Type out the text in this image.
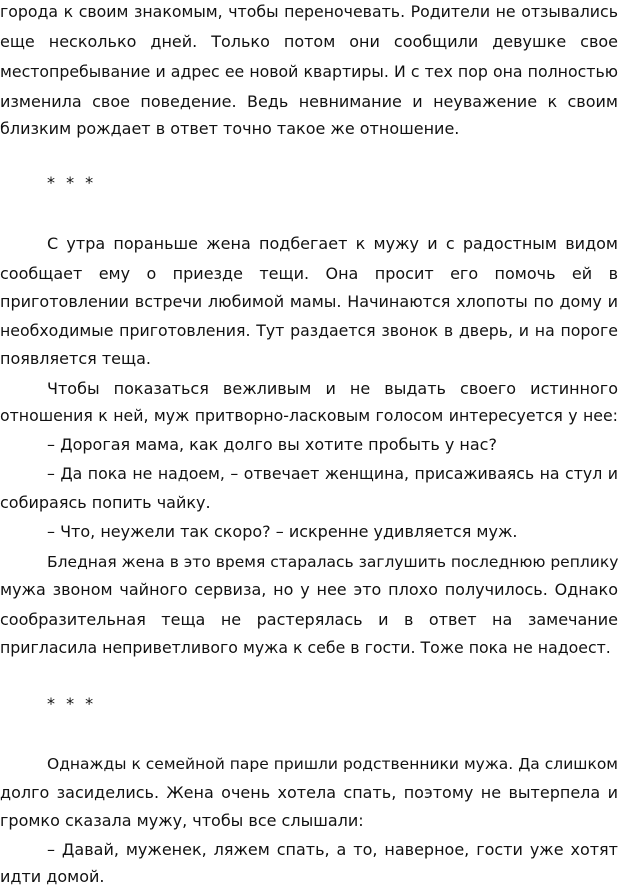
города к своим знакомым, чтобы переночевать. Родители не отзывались
еще несколько дней. Только потом они сообщили девушке свое
местопребывание и адрес ее новой квартиры. И с тех пор она полностью
изменила свое поведение. Ведь невнимание и неуважение к своим
близким рождает в ответ точно такое же отношение.
* * *
С утра пораньше жена подбегает к мужу и с радостным видом
сообщает ему о приезде тещи. Она просит его помочь ей в
приготовлении встречи любимой мамы. Начинаются хлопоты по дому и
необходимые приготовления. Тут раздается звонок в дверь, и на пороге
появляется теща.
Чтобы показаться вежливым и не выдать своего истинного
отношения к ней, муж притворно-ласковым голосом интересуется у нее:
– Дорогая мама, как долго вы хотите пробыть у нас?
– Да пока не надоем, – отвечает женщина, присаживаясь на стул и
собираясь попить чайку.
– Что, неужели так скоро? – искренне удивляется муж.
Бледная жена в это время старалась заглушить последнюю реплику
мужа звоном чайного сервиза, но у нее это плохо получилось. Однако
сообразительная теща не растерялась и в ответ на замечание
пригласила неприветливого мужа к себе в гости. Тоже пока не надоест.
* * *
Однажды к семейной паре пришли родственники мужа. Да слишком
долго засиделись. Жена очень хотела спать, поэтому не вытерпела и
громко сказала мужу, чтобы все слышали:
– Давай, муженек, ляжем спать, а то, наверное, гости уже хотят
идти домой.
